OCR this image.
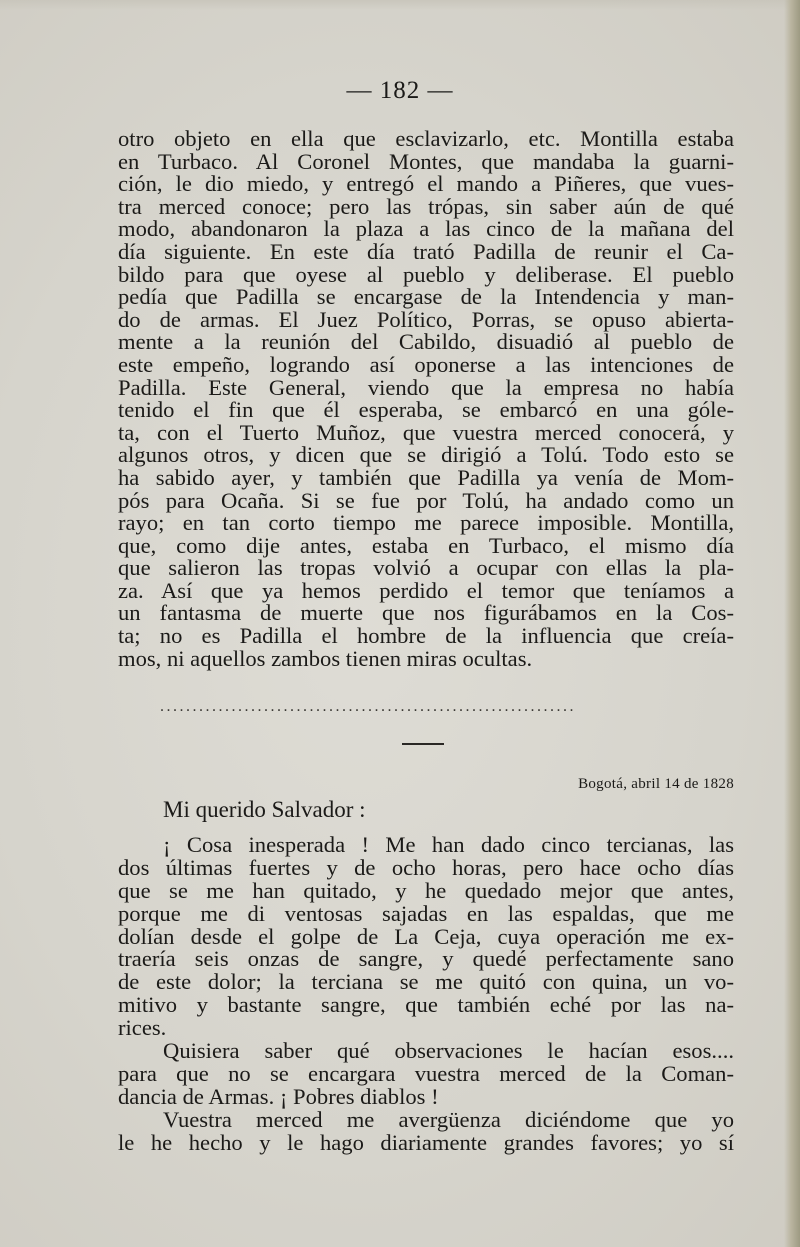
— 182 —
otro objeto en ella que esclavizarlo, etc. Montilla estaba
en Turbaco. Al Coronel Montes, que mandaba la guarni-
ción, le dio miedo, y entregó el mando a Piñeres, que vues-
tra merced conoce; pero las trópas, sin saber aún de qué
modo, abandonaron la plaza a las cinco de la mañana del
día siguiente. En este día trató Padilla de reunir el Ca-
bildo para que oyese al pueblo y deliberase. El pueblo
pedía que Padilla se encargase de la Intendencia y man-
do de armas. El Juez Político, Porras, se opuso abierta-
mente a la reunión del Cabildo, disuadió al pueblo de
este empeño, logrando así oponerse a las intenciones de
Padilla. Este General, viendo que la empresa no había
tenido el fin que él esperaba, se embarcó en una góle-
ta, con el Tuerto Muñoz, que vuestra merced conocerá, y
algunos otros, y dicen que se dirigió a Tolú. Todo esto se
ha sabido ayer, y también que Padilla ya venía de Mom-
pós para Ocaña. Si se fue por Tolú, ha andado como un
rayo; en tan corto tiempo me parece imposible. Montilla,
que, como dije antes, estaba en Turbaco, el mismo día
que salieron las tropas volvió a ocupar con ellas la pla-
za. Así que ya hemos perdido el temor que teníamos a
un fantasma de muerte que nos figurábamos en la Cos-
ta; no es Padilla el hombre de la influencia que creía-
mos, ni aquellos zambos tienen miras ocultas.
................................................................
Bogotá, abril 14 de 1828
Mi querido Salvador :
¡ Cosa inesperada ! Me han dado cinco tercianas, las
dos últimas fuertes y de ocho horas, pero hace ocho días
que se me han quitado, y he quedado mejor que antes,
porque me di ventosas sajadas en las espaldas, que me
dolían desde el golpe de La Ceja, cuya operación me ex-
traería seis onzas de sangre, y quedé perfectamente sano
de este dolor; la terciana se me quitó con quina, un vo-
mitivo y bastante sangre, que también eché por las na-
rices.
Quisiera saber qué observaciones le hacían esos....
para que no se encargara vuestra merced de la Coman-
dancia de Armas. ¡ Pobres diablos !
Vuestra merced me avergüenza diciéndome que yo
le he hecho y le hago diariamente grandes favores; yo sí
